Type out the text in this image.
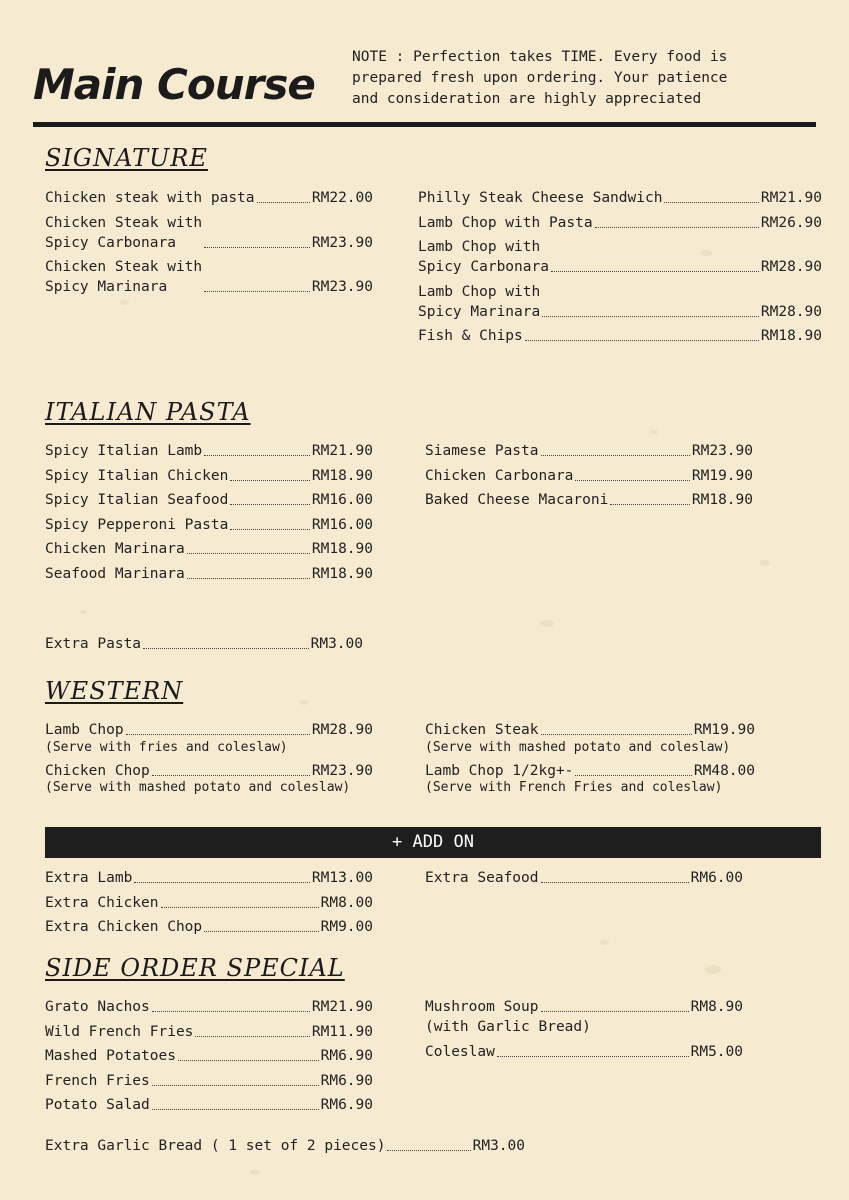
Main Course
NOTE : Perfection takes TIME. Every food is
prepared fresh upon ordering. Your patience
and consideration are highly appreciated
SIGNATURE
Chicken steak with pasta	RM22.00
Chicken Steak with
Spicy Carbonara	RM23.90
Chicken Steak with
Spicy Marinara	RM23.90
Philly Steak Cheese Sandwich	RM21.90
Lamb Chop with Pasta	RM26.90
Lamb Chop with
Spicy Carbonara	RM28.90
Lamb Chop with
Spicy Marinara	RM28.90
Fish & Chips	RM18.90
ITALIAN PASTA
Spicy Italian Lamb	RM21.90
Spicy Italian Chicken	RM18.90
Spicy Italian Seafood	RM16.00
Spicy Pepperoni Pasta	RM16.00
Chicken Marinara	RM18.90
Seafood Marinara	RM18.90
Siamese Pasta	RM23.90
Chicken Carbonara	RM19.90
Baked Cheese Macaroni	RM18.90
Extra Pasta	RM3.00
WESTERN
Lamb Chop	RM28.90
(Serve with fries and coleslaw)
Chicken Chop	RM23.90
(Serve with mashed potato and coleslaw)
Chicken Steak	RM19.90
(Serve with mashed potato and coleslaw)
Lamb Chop 1/2kg+-	RM48.00
(Serve with French Fries and coleslaw)
+ ADD ON
Extra Lamb	RM13.00
Extra Chicken	RM8.00
Extra Chicken Chop	RM9.00
Extra Seafood	RM6.00
SIDE ORDER SPECIAL
Grato Nachos	RM21.90
Wild French Fries	RM11.90
Mashed Potatoes	RM6.90
French Fries	RM6.90
Potato Salad	RM6.90
Mushroom Soup	RM8.90
(with Garlic Bread)
Coleslaw	RM5.00
Extra Garlic Bread ( 1 set of 2 pieces)	RM3.00
